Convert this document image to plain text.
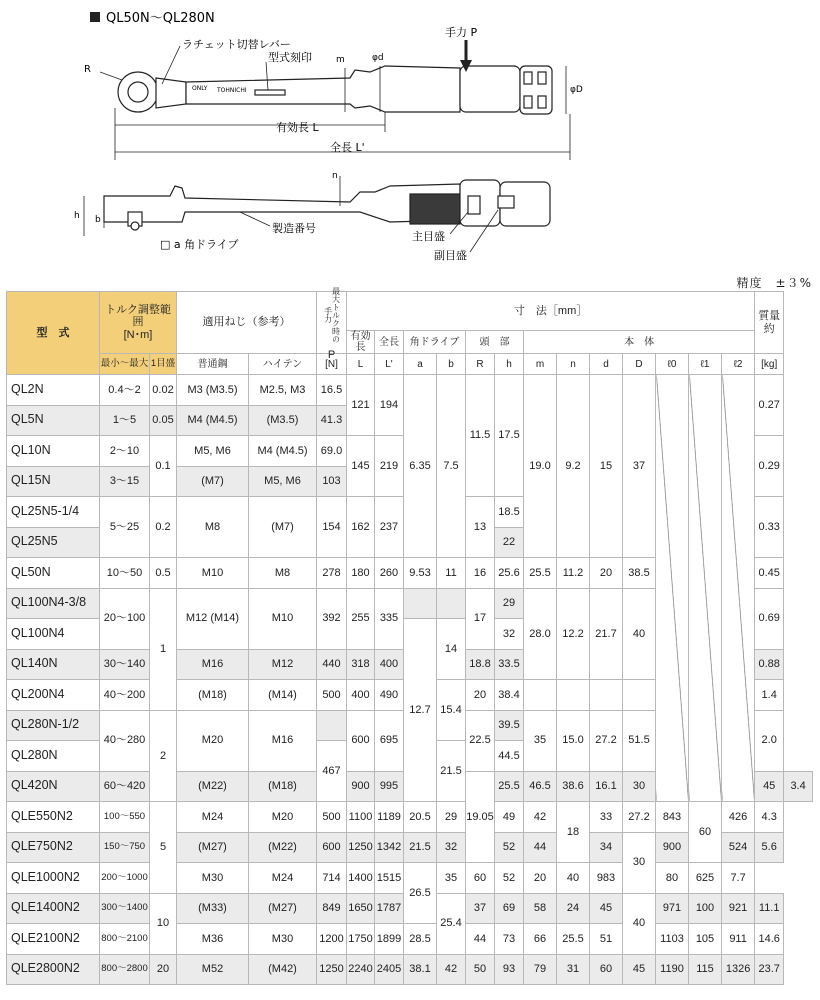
QL50N～QL280N
ONLY TOHNICHI
手力 P
ラチェット切替レバー
型式刻印
R
m	φd
φD
有効長 L
全長 L'
h b
n
□ a 角ドライブ
製造番号
主目盛
副目盛
精度　±３%
型　式	トルク調整範囲
[N･m]		適用ねじ（参考）		最大トルク時の手力
P	寸　法［mm］													質量約	
						有効長	全長	角ドライブ		頭　部		本　体								
	最小～最大	1目盛	普通鋼	ハイテン	[N]	L	L'	a	b	R	h	m	n	d	D	ℓ0	ℓ1	ℓ2	[kg]	
QL2N	0.4～2	0.02	M3 (M3.5)	M2.5, M3	16.5	121	194	6.35	7.5	11.5	17.5	19.0	9.2	15	37				0.27	
QL5N	1～5	0.05	M4 (M4.5)	(M3.5)	41.3															
QL10N	2～10	0.1	M5, M6	M4 (M4.5)	69.0	145	219												0.29	
QL15N	3～15		(M7)	M5, M6	103															
QL25N5-1/4	5～25	0.2	M8	(M7)	154	162	237			13	18.5								0.33	
QL25N5											22									
QL50N	10～50	0.5	M10	M8	278	180	260	9.53	11	16	25.6	25.5	11.2	20	38.5				0.45	
QL100N4-3/8	20～100	1	M12 (M14)	M10	392	255	335			17	29	28.0	12.2	21.7	40				0.69	
QL100N4								12.7	14		32									
QL140N	30～140		M16	M12	440	318	400			18.8	33.5								0.88	
QL200N4	40～200		(M18)	(M14)	500	400	490		15.4	20	38.4								1.4	
QL280N-1/2	40～280	2	M20	M16		600	695			22.5	39.5	35	15.0	27.2	51.5				2.0	
QL280N					467				21.5		44.5									
QL420N	60～420		(M22)	(M18)		900	995			19.05	25.5	46.5	38.6	16.1	30				45	3.4
QLE550N2	100～550	5	M24	M20	500	1100	1189	20.5	29		49	42	18	33	27.2	843	60	426	4.3	
QLE750N2	150～750		(M27)	(M22)	600	1250	1342	21.5	32		52	44		34	30	900		524	5.6	
QLE1000N2	200～1000		M30	M24	714	1400	1515	26.5	35	60	52	20	40	983		80	625	7.7		
QLE1400N2	300～1400	10	(M33)	(M27)	849	1650	1787		25.4	37	69	58	24	45	40	971	100	921	11.1	
QLE2100N2	800～2100		M36	M30	1200	1750	1899	28.5		44	73	66	25.5	51		1103	105	911	14.6	
QLE2800N2	800～2800	20	M52	(M42)	1250	2240	2405	38.1	42	50	93	79	31	60	45	1190	115	1326	23.7	
